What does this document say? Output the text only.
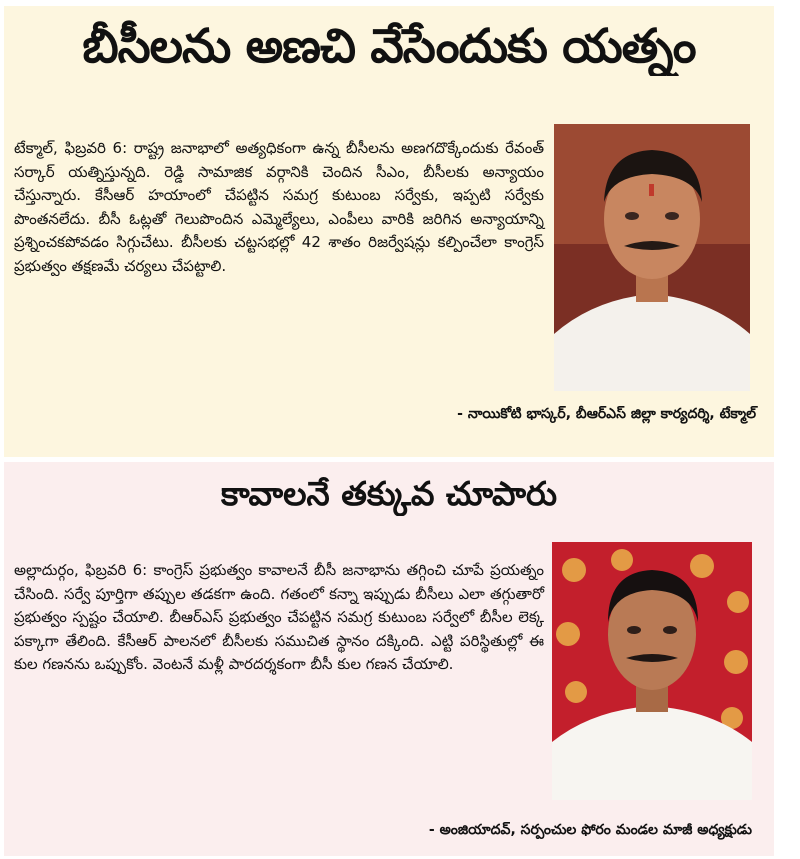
బీసీలను అణచి వేసేందుకు యత్నం

టేక్మాల్, ఫిబ్రవరి 6: రాష్ట్ర జనాభాలో అత్యధికంగా ఉన్న బీసీలను అణగదొక్కేందుకు రేవంత్ సర్కార్ యత్నిస్తున్నది. రెడ్డి సామాజిక వర్గానికి చెందిన సీఎం, బీసీలకు అన్యాయం చేస్తున్నారు. కేసీఆర్ హయాంలో చేపట్టిన సమగ్ర కుటుంబ సర్వేకు, ఇప్పటి సర్వేకు పొంతనలేదు. బీసీ ఓట్లతో గెలుపొందిన ఎమ్మెల్యేలు, ఎంపీలు వారికి జరిగిన అన్యాయాన్ని ప్రశ్నించకపోవడం సిగ్గుచేటు. బీసీలకు చట్టసభల్లో 42 శాతం రిజర్వేషన్లు కల్పించేలా కాంగ్రెస్ ప్రభుత్వం తక్షణమే చర్యలు చేపట్టాలి.

- నాయికోటి భాస్కర్, బీఆర్ఎస్ జిల్లా కార్యదర్శి, టేక్మాల్
కావాలనే తక్కువ చూపారు

అల్లాదుర్గం, ఫిబ్రవరి 6: కాంగ్రెస్ ప్రభుత్వం కావాలనే బీసీ జనాభాను తగ్గించి చూపే ప్రయత్నం చేసింది. సర్వే పూర్తిగా తప్పుల తడకగా ఉంది. గతంలో కన్నా ఇప్పుడు బీసీలు ఎలా తగ్గుతారో ప్రభుత్వం స్పష్టం చేయాలి. బీఆర్ఎస్ ప్రభుత్వం చేపట్టిన సమగ్ర కుటుంబ సర్వేలో బీసీల లెక్క పక్కాగా తేలింది. కేసీఆర్ పాలనలో బీసీలకు సముచిత స్థానం దక్కింది. ఎట్టి పరిస్థితుల్లో ఈ కుల గణనను ఒప్పుకోం. వెంటనే మళ్లీ పారదర్శకంగా బీసీ కుల గణన చేయాలి.

- అంజియాదవ్, సర్పంచుల ఫోరం మండల మాజీ అధ్యక్షుడు
